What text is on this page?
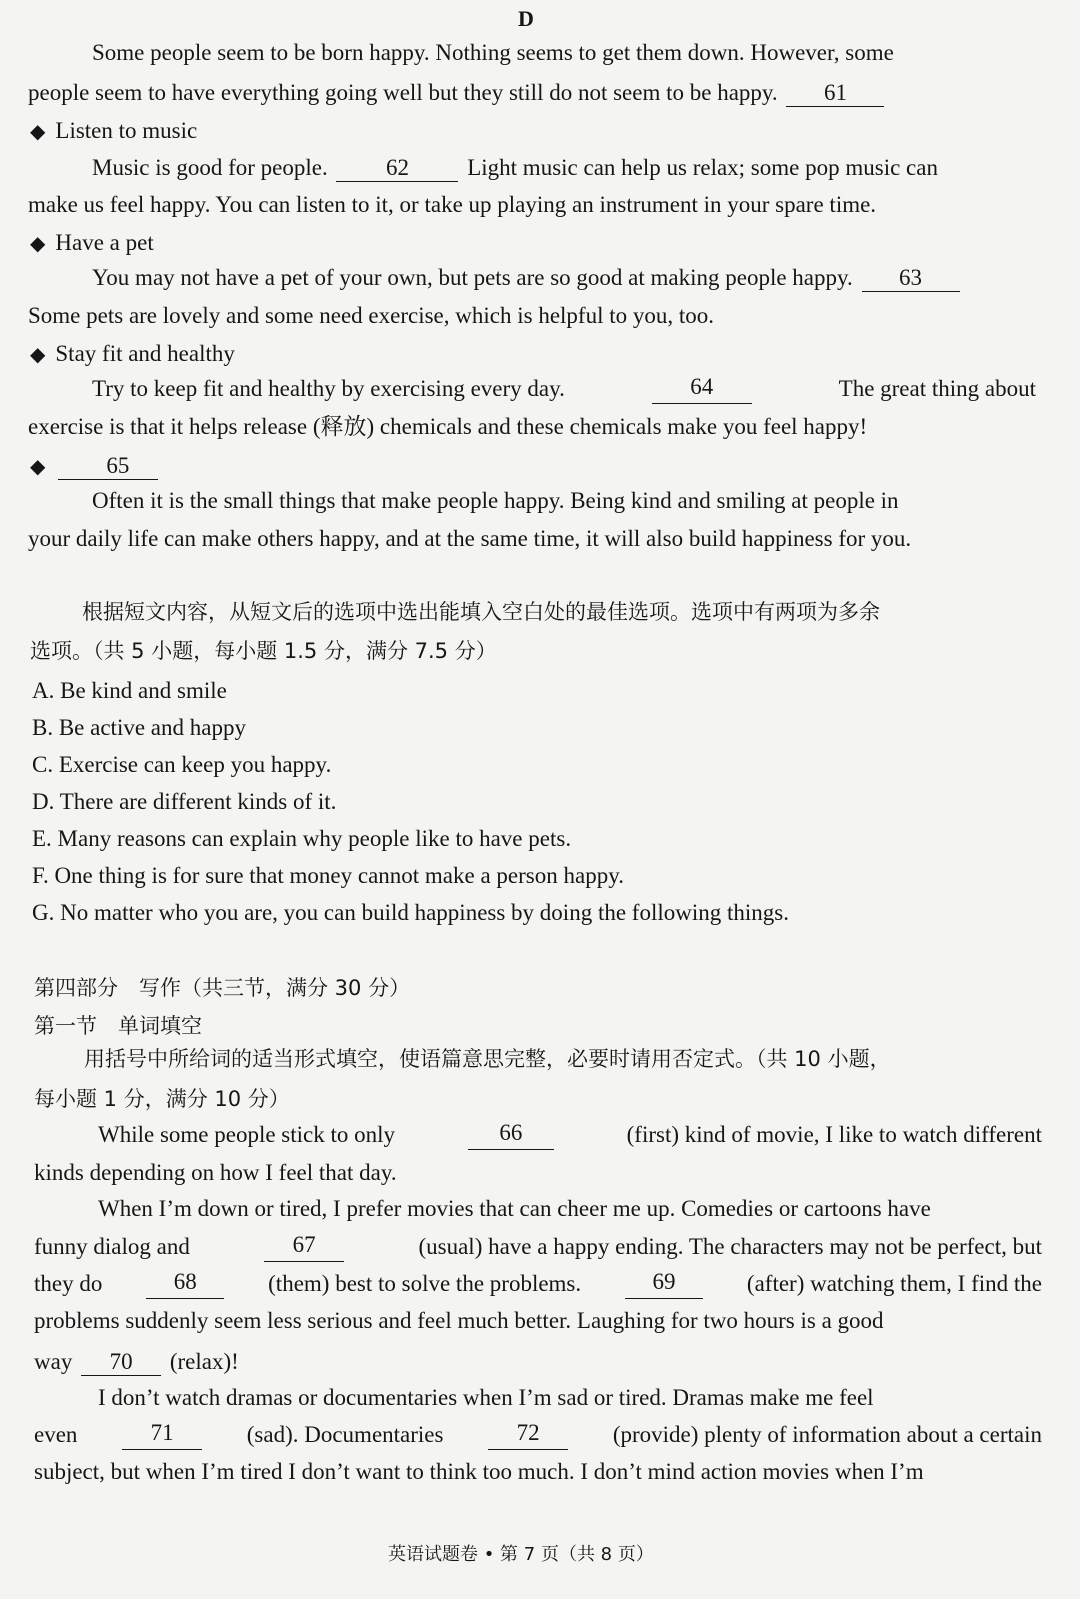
D
Some people seem to be born happy. Nothing seems to get them down. However, some
people seem to have everything going well but they still do not seem to be happy. 61
◆ Listen to music
Music is good for people.	62	Light music can help us relax; some pop music can
make us feel happy. You can listen to it, or take up playing an instrument in your spare time.
◆ Have a pet
You may not have a pet of your own, but pets are so good at making people happy. 63
Some pets are lovely and some need exercise, which is helpful to you, too.
◆ Stay fit and healthy
Try to keep fit and healthy by exercising every day.	64	The great thing about
exercise is that it helps release (释放) chemicals and these chemicals make you feel happy!
◆	65
Often it is the small things that make people happy. Being kind and smiling at people in
your daily life can make others happy, and at the same time, it will also build happiness for you.
根据短文内容，从短文后的选项中选出能填入空白处的最佳选项。选项中有两项为多余
选项。（共 5 小题，每小题 1.5 分，满分 7.5 分）
A. Be kind and smile
B. Be active and happy
C. Exercise can keep you happy.
D. There are different kinds of it.
E. Many reasons can explain why people like to have pets.
F. One thing is for sure that money cannot make a person happy.
G. No matter who you are, you can build happiness by doing the following things.
第四部分　写作（共三节，满分 30 分）
第一节　单词填空
用括号中所给词的适当形式填空，使语篇意思完整，必要时请用否定式。（共 10 小题，
每小题 1 分，满分 10 分）
While some people stick to only	66	(first) kind of movie, I like to watch different
kinds depending on how I feel that day.
When I’m down or tired, I prefer movies that can cheer me up. Comedies or cartoons have
funny dialog and	67	(usual) have a happy ending. The characters may not be perfect, but
they do	68	(them) best to solve the problems.	69	(after) watching them, I find the
problems suddenly seem less serious and feel much better. Laughing for two hours is a good
way 70 (relax)!
I don’t watch dramas or documentaries when I’m sad or tired. Dramas make me feel
even	71	(sad). Documentaries	72	(provide) plenty of information about a certain
subject, but when I’m tired I don’t want to think too much. I don’t mind action movies when I’m
英语试题卷 • 第 7 页（共 8 页）
